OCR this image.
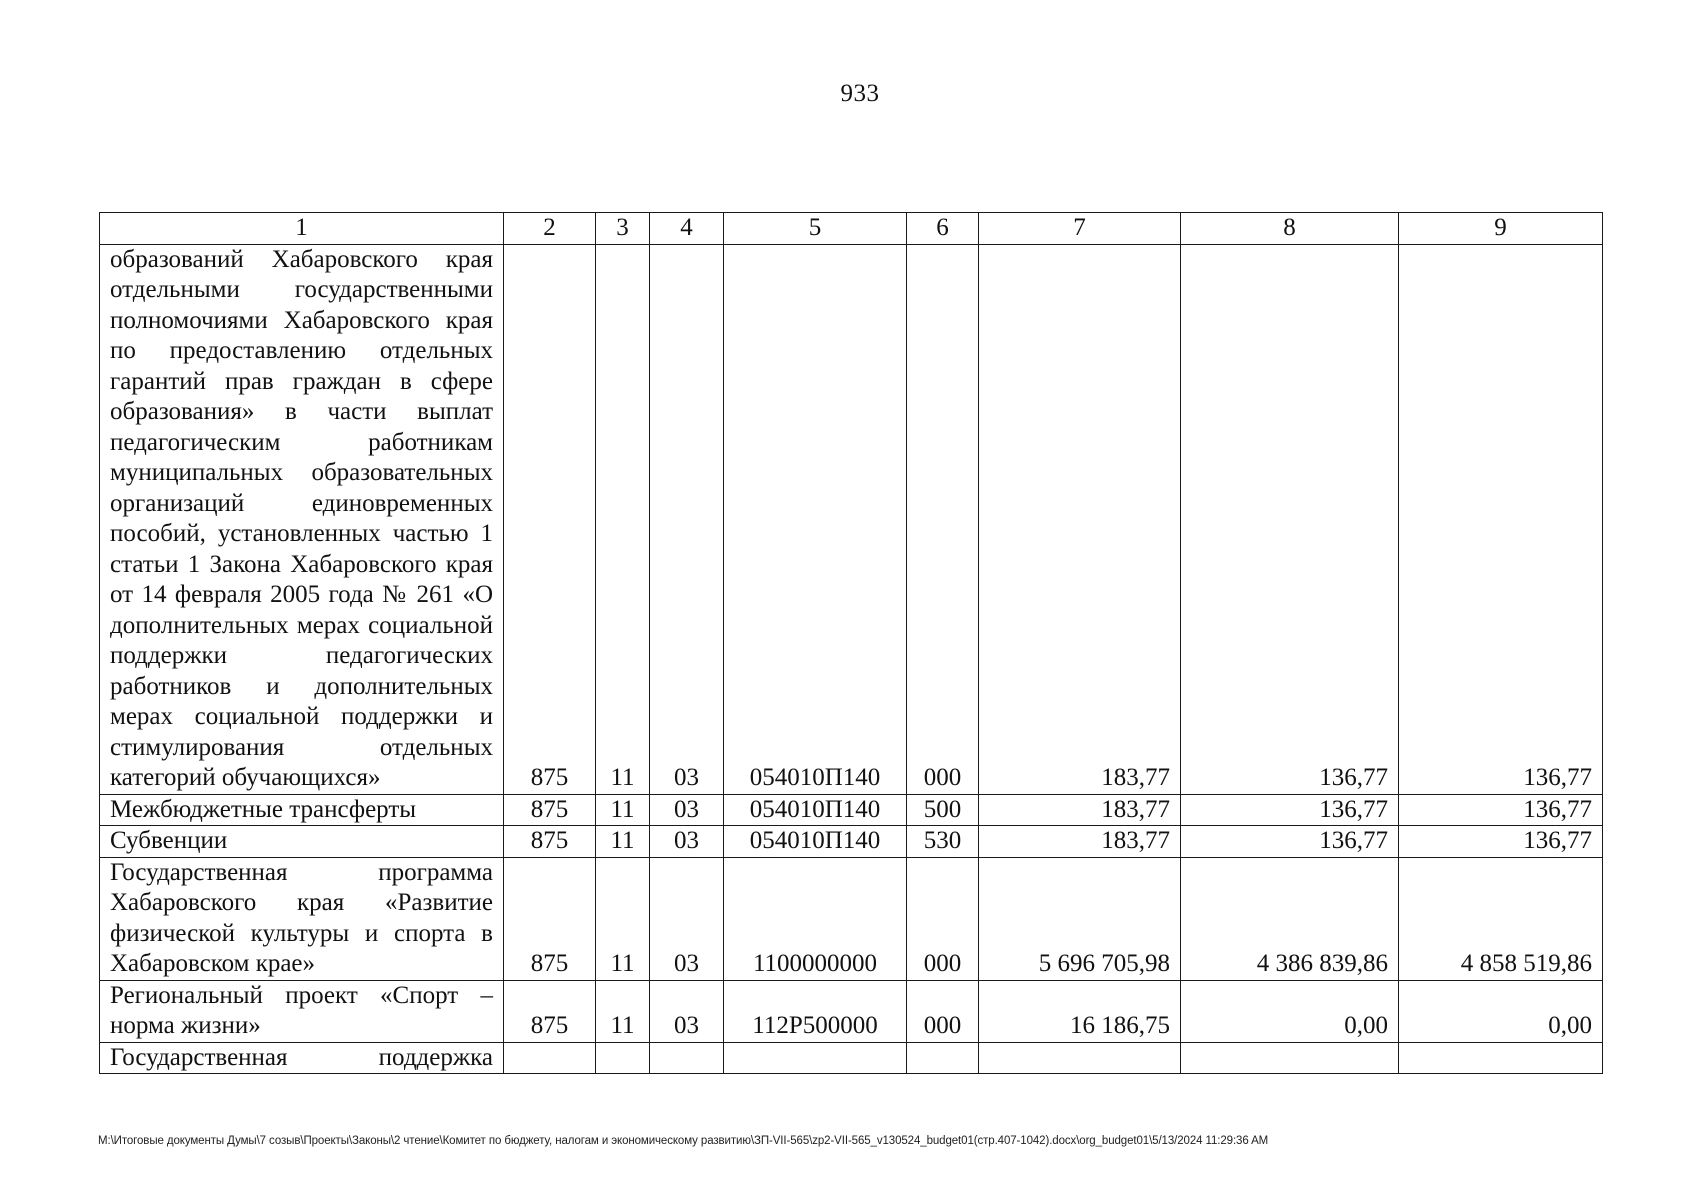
933
1	2	3	4	5	6	7	8	9
образований Хабаровского края отдельными государственными полномочиями Хабаровского края по предоставлению отдельных гарантий прав граждан в сфере образования» в части выплат педагогическим работникам муниципальных образовательных организаций единовременных пособий, установленных частью 1 статьи 1 Закона Хабаровского края от 14 февраля 2005 года № 261 «О дополнительных мерах социальной поддержки педагогических работников и дополнительных мерах социальной поддержки и стимулирования отдельных категорий обучающихся»	875	11	03	054010П140	000	183,77	136,77	136,77
Межбюджетные трансферты	875	11	03	054010П140	500	183,77	136,77	136,77
Субвенции	875	11	03	054010П140	530	183,77	136,77	136,77
Государственная программа Хабаровского края «Развитие физической культуры и спорта в Хабаровском крае»	875	11	03	1100000000	000	5 696 705,98	4 386 839,86	4 858 519,86
Региональный проект «Спорт – норма жизни»	875	11	03	112P500000	000	16 186,75	0,00	0,00
Государственная поддержка								
M:\Итоговые документы Думы\7 созыв\Проекты\Законы\2 чтение\Комитет по бюджету, налогам и экономическому развитию\ЗП-VII-565\zp2-VII-565_v130524_budget01(стр.407-1042).docx\org_budget01\5/13/2024 11:29:36 AM
